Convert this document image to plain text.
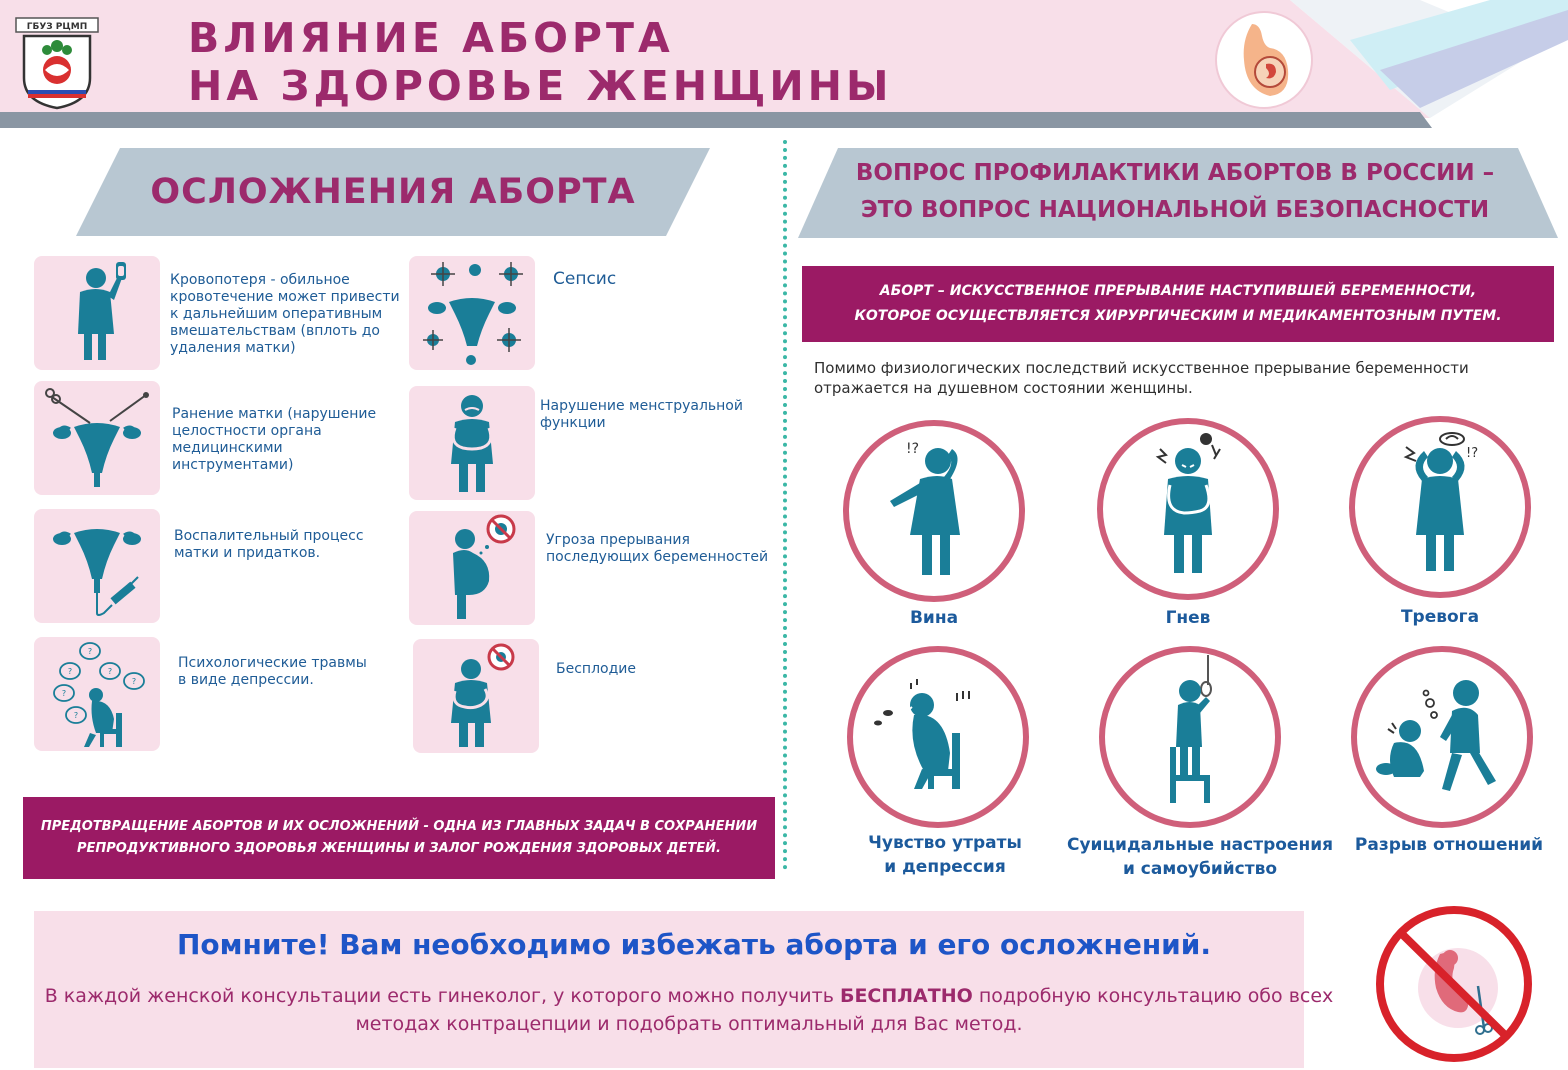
ГБУЗ РЦМП ВЛИЯНИЕ АБОРТА
НА ЗДОРОВЬЕ ЖЕНЩИНЫ
ОСЛОЖНЕНИЯ АБОРТА
Кровопотеря - обильное кровотечение может привести к дальнейшим оперативным вмешательствам (вплоть до удаления матки)
Ранение матки (нарушение целостности органа медицинскими инструментами)
Воспалительный процесс матки и придатков.
?
?	?
?
?
?
Психологические травмы в виде депрессии.
Сепсис
Нарушение менструальной функции
Угроза прерывания последующих беременностей
Бесплодие
ПРЕДОТВРАЩЕНИЕ АБОРТОВ И ИХ ОСЛОЖНЕНИЙ - ОДНА ИЗ ГЛАВНЫХ ЗАДАЧ В СОХРАНЕНИИ РЕПРОДУКТИВНОГО ЗДОРОВЬЯ ЖЕНЩИНЫ И ЗАЛОГ РОЖДЕНИЯ ЗДОРОВЫХ ДЕТЕЙ.
ВОПРОС ПРОФИЛАКТИКИ АБОРТОВ В РОССИИ –
ЭТО ВОПРОС НАЦИОНАЛЬНОЙ БЕЗОПАСНОСТИ
АБОРТ – ИСКУССТВЕННОЕ ПРЕРЫВАНИЕ НАСТУПИВШЕЙ БЕРЕМЕННОСТИ,
КОТОРОЕ ОСУЩЕСТВЛЯЕТСЯ ХИРУРГИЧЕСКИМ И МЕДИКАМЕНТОЗНЫМ ПУТЕМ.
Помимо физиологических последствий искусственное прерывание беременности отражается на душевном состоянии женщины.
!?
Вина	Гнев
!?
Тревога
Чувство утраты
и депрессия
Суицидальные настроения
и самоубийство
Разрыв отношений
Помните! Вам необходимо избежать аборта и его осложнений.
В каждой женской консультации есть гинеколог, у которого можно получить БЕСПЛАТНО подробную консультацию обо всех методах контрацепции и подобрать оптимальный для Вас метод.
